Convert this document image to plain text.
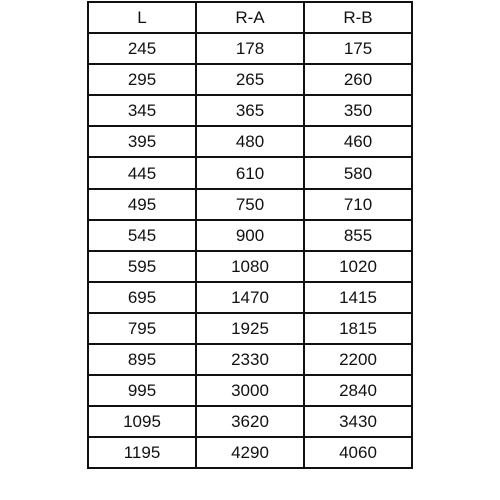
L	R-A	R-B
245	178	175
295	265	260
345	365	350
395	480	460
445	610	580
495	750	710
545	900	855
595	1080	1020
695	1470	1415
795	1925	1815
895	2330	2200
995	3000	2840
1095	3620	3430
1195	4290	4060
